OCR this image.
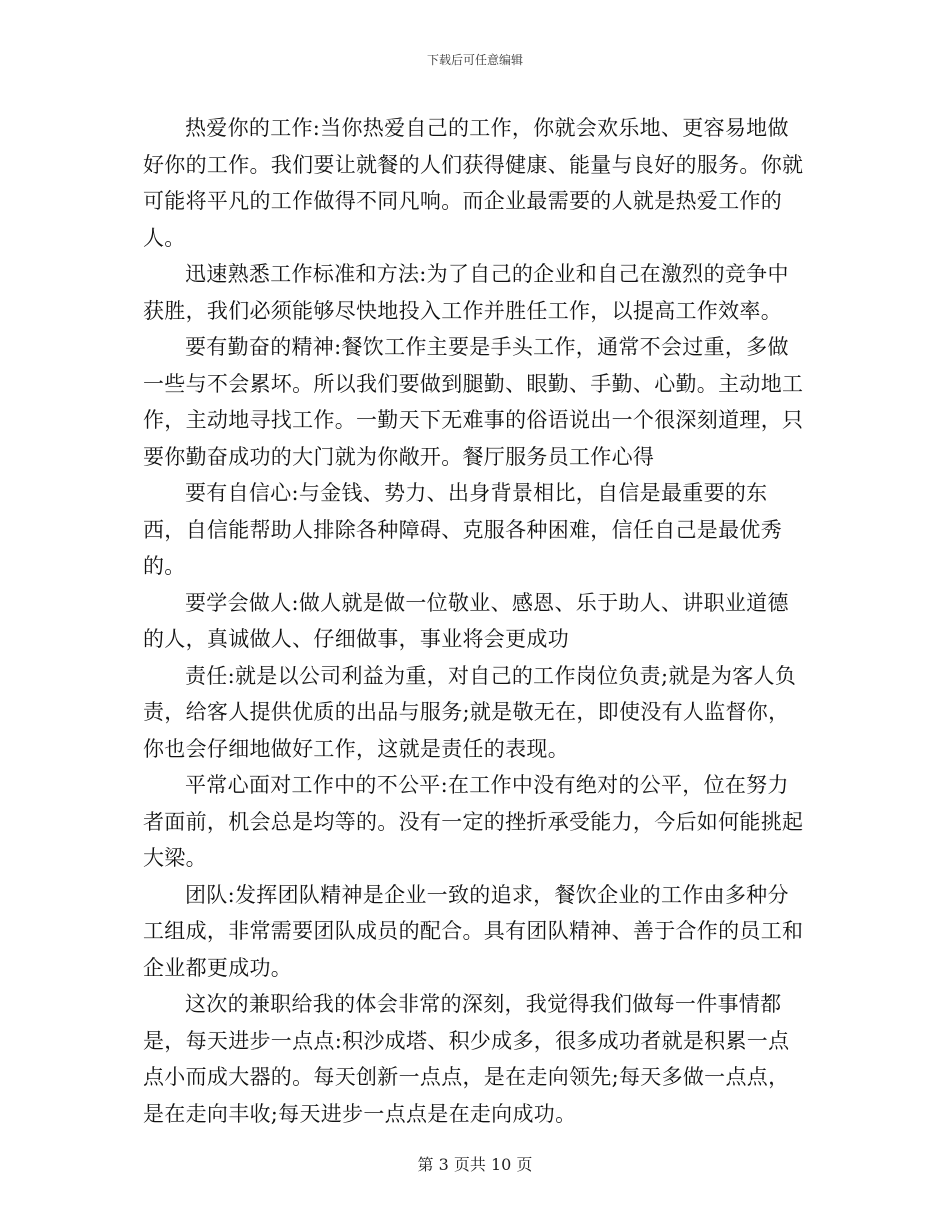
下载后可任意编辑

热爱你的工作:当你热爱自己的工作，你就会欢乐地、更容易地做好你的工作。我们要让就餐的人们获得健康、能量与良好的服务。你就可能将平凡的工作做得不同凡响。而企业最需要的人就是热爱工作的人。

迅速熟悉工作标准和方法:为了自己的企业和自己在激烈的竞争中获胜，我们必须能够尽快地投入工作并胜任工作，以提高工作效率。

要有勤奋的精神:餐饮工作主要是手头工作，通常不会过重，多做一些与不会累坏。所以我们要做到腿勤、眼勤、手勤、心勤。主动地工作，主动地寻找工作。一勤天下无难事的俗语说出一个很深刻道理，只要你勤奋成功的大门就为你敞开。餐厅服务员工作心得

要有自信心:与金钱、势力、出身背景相比，自信是最重要的东西，自信能帮助人排除各种障碍、克服各种困难，信任自己是最优秀的。

要学会做人:做人就是做一位敬业、感恩、乐于助人、讲职业道德的人，真诚做人、仔细做事，事业将会更成功

责任:就是以公司利益为重，对自己的工作岗位负责;就是为客人负责，给客人提供优质的出品与服务;就是敬无在，即使没有人监督你，你也会仔细地做好工作，这就是责任的表现。

平常心面对工作中的不公平:在工作中没有绝对的公平，位在努力者面前，机会总是均等的。没有一定的挫折承受能力，今后如何能挑起大梁。

团队:发挥团队精神是企业一致的追求，餐饮企业的工作由多种分工组成，非常需要团队成员的配合。具有团队精神、善于合作的员工和企业都更成功。

这次的兼职给我的体会非常的深刻，我觉得我们做每一件事情都是，每天进步一点点:积沙成塔、积少成多，很多成功者就是积累一点点小而成大器的。每天创新一点点，是在走向领先;每天多做一点点，是在走向丰收;每天进步一点点是在走向成功。

第 3 页共 10 页
